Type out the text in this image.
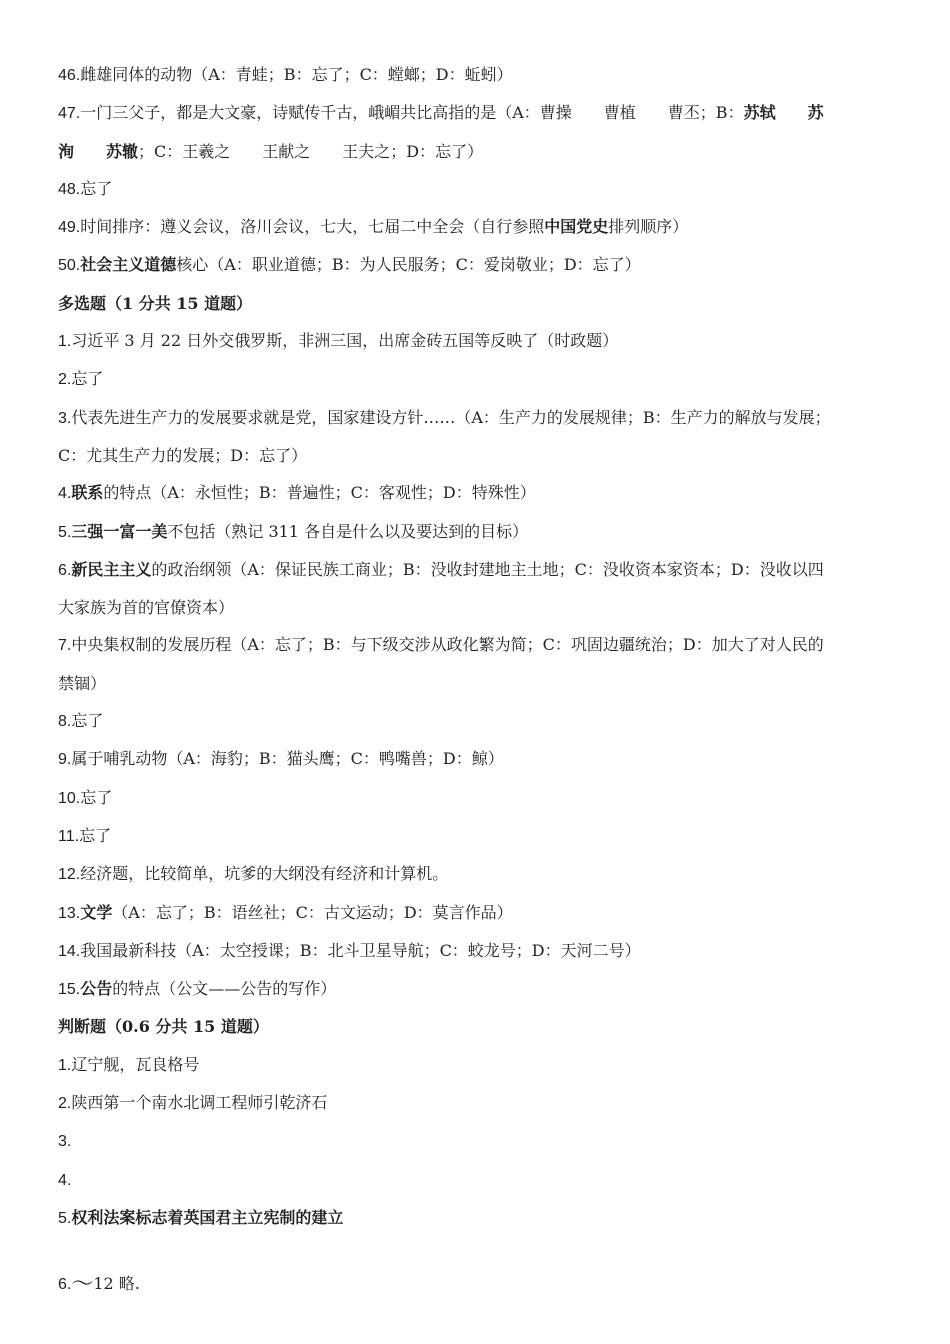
46.雌雄同体的动物（A：青蛙；B：忘了；C：螳螂；D：蚯蚓）
47.一门三父子，都是大文豪，诗赋传千古，峨嵋共比高指的是（A：曹操　　曹植　　曹丕；B：苏轼　　苏
洵　　苏辙；C：王羲之　　王献之　　王夫之；D：忘了）
48.忘了
49.时间排序：遵义会议，洛川会议，七大，七届二中全会（自行参照中国党史排列顺序）
50.社会主义道德核心（A：职业道德；B：为人民服务；C：爱岗敬业；D：忘了）
多选题（1 分共 15 道题）
1.习近平 3 月 22 日外交俄罗斯，非洲三国，出席金砖五国等反映了（时政题）
2.忘了
3.代表先进生产力的发展要求就是党，国家建设方针……（A：生产力的发展规律；B：生产力的解放与发展；
C：尤其生产力的发展；D：忘了）
4.联系的特点（A：永恒性；B：普遍性；C：客观性；D：特殊性）
5.三强一富一美不包括（熟记 311 各自是什么以及要达到的目标）
6.新民主主义的政治纲领（A：保证民族工商业；B：没收封建地主土地；C：没收资本家资本；D：没收以四
大家族为首的官僚资本）
7.中央集权制的发展历程（A：忘了；B：与下级交涉从政化繁为简；C：巩固边疆统治；D：加大了对人民的
禁锢）
8.忘了
9.属于哺乳动物（A：海豹；B：猫头鹰；C：鸭嘴兽；D：鲸）
10.忘了
11.忘了
12.经济题，比较简单，坑爹的大纲没有经济和计算机。
13.文学（A：忘了；B：语丝社；C：古文运动；D：莫言作品）
14.我国最新科技（A：太空授课；B：北斗卫星导航；C：蛟龙号；D：天河二号）
15.公告的特点（公文——公告的写作）
判断题（0.6 分共 15 道题）
1.辽宁舰，瓦良格号
2.陕西第一个南水北调工程师引乾济石
3.
4.
5.权利法案标志着英国君主立宪制的建立
6.〜12 略.
